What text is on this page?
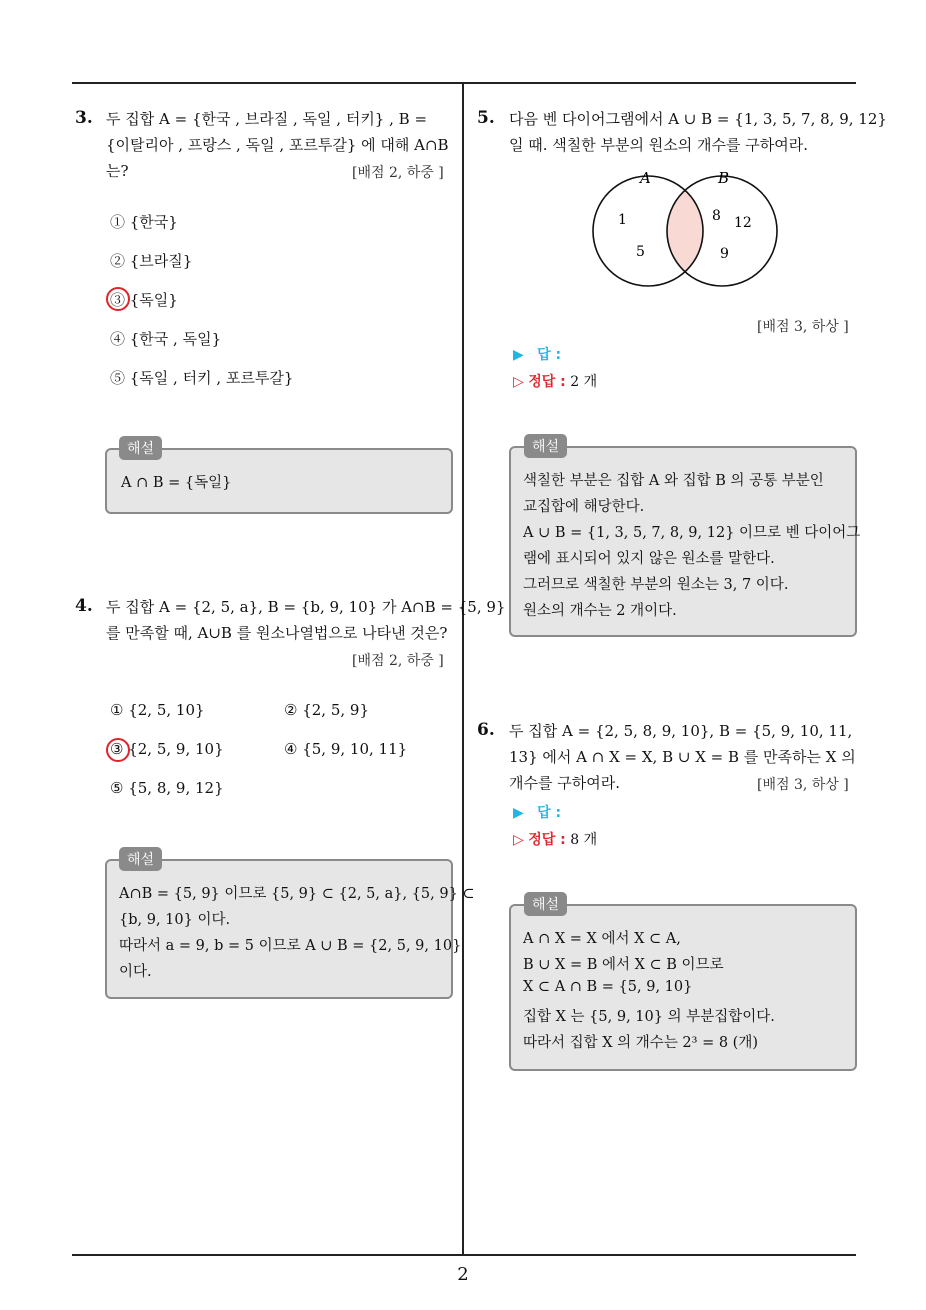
2
3. 두 집합 A = {한국 , 브라질 , 독일 , 터키} , B =
{이탈리아 , 프랑스 , 독일 , 포르투갈} 에 대해 A∩B
는?	[배점 2, 하중 ]
① {한국}
② {브라질}
③ {독일}
④ {한국 , 독일}
⑤ {독일 , 터키 , 포르투갈}
A ∩ B = {독일}
해설
4. 두 집합 A = {2, 5, a}, B = {b, 9, 10} 가 A∩B = {5, 9}
를 만족할 때, A∪B 를 원소나열법으로 나타낸 것은?
[배점 2, 하중 ]
① {2, 5, 10}	② {2, 5, 9}
③ {2, 5, 9, 10}	④ {5, 9, 10, 11}
⑤ {5, 8, 9, 12}
A∩B = {5, 9} 이므로 {5, 9} ⊂ {2, 5, a}, {5, 9} ⊂
{b, 9, 10} 이다.
따라서 a = 9, b = 5 이므로 A ∪ B = {2, 5, 9, 10}
이다.
해설
5. 다음 벤 다이어그램에서 A ∪ B = {1, 3, 5, 7, 8, 9, 12}
일 때. 색칠한 부분의 원소의 개수를 구하여라.
A	B
1
5
8 12
9
[배점 3, 하상 ]
▶ 답 :
▷ 정답 : 2 개
색칠한 부분은 집합 A 와 집합 B 의 공통 부분인
교집합에 해당한다.
A ∪ B = {1, 3, 5, 7, 8, 9, 12} 이므로 벤 다이어그
램에 표시되어 있지 않은 원소를 말한다.
그러므로 색칠한 부분의 원소는 3, 7 이다.
원소의 개수는 2 개이다.
해설
6. 두 집합 A = {2, 5, 8, 9, 10}, B = {5, 9, 10, 11,
13} 에서 A ∩ X = X, B ∪ X = B 를 만족하는 X 의
개수를 구하여라.	[배점 3, 하상 ]
▶ 답 :
▷ 정답 : 8 개
A ∩ X = X 에서 X ⊂ A,
B ∪ X = B 에서 X ⊂ B 이므로
X ⊂ A ∩ B = {5, 9, 10}
집합 X 는 {5, 9, 10} 의 부분집합이다.
따라서 집합 X 의 개수는 2³ = 8 (개)
해설
